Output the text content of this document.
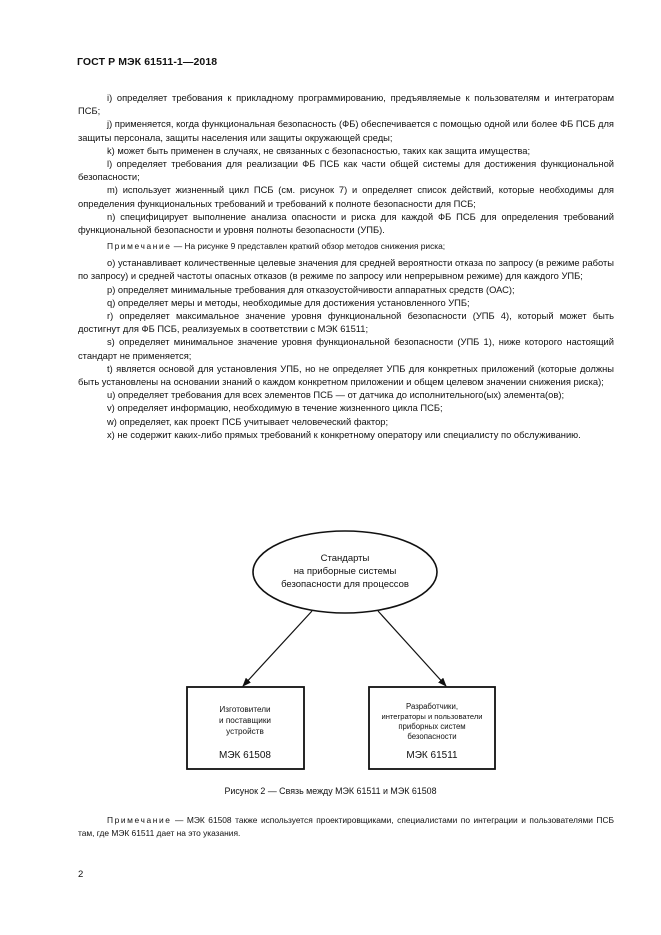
ГОСТ Р МЭК 61511-1—2018

i) определяет требования к прикладному программированию, предъявляемые к пользователям и интеграторам ПСБ;

j) применяется, когда функциональная безопасность (ФБ) обеспечивается с помощью одной или более ФБ ПСБ для защиты персонала, защиты населения или защиты окружающей среды;

k) может быть применен в случаях, не связанных с безопасностью, таких как защита имущества;

l) определяет требования для реализации ФБ ПСБ как части общей системы для достижения функциональной безопасности;

m) использует жизненный цикл ПСБ (см. рисунок 7) и определяет список действий, которые необходимы для определения функциональных требований и требований к полноте безопасности для ПСБ;

n) специфицирует выполнение анализа опасности и риска для каждой ФБ ПСБ для определения требований функциональной безопасности и уровня полноты безопасности (УПБ).

Примечание — На рисунке 9 представлен краткий обзор методов снижения риска;

o) устанавливает количественные целевые значения для средней вероятности отказа по запросу (в режиме работы по запросу) и средней частоты опасных отказов (в режиме по запросу или непрерывном режиме) для каждого УПБ;

p) определяет минимальные требования для отказоустойчивости аппаратных средств (ОАС);

q) определяет меры и методы, необходимые для достижения установленного УПБ;

r) определяет максимальное значение уровня функциональной безопасности (УПБ 4), который может быть достигнут для ФБ ПСБ, реализуемых в соответствии с МЭК 61511;

s) определяет минимальное значение уровня функциональной безопасности (УПБ 1), ниже которого настоящий стандарт не применяется;

t) является основой для установления УПБ, но не определяет УПБ для конкретных приложений (которые должны быть установлены на основании знаний о каждом конкретном приложении и общем целевом значении снижения риска);

u) определяет требования для всех элементов ПСБ — от датчика до исполнительного(ых) элемента(ов);

v) определяет информацию, необходимую в течение жизненного цикла ПСБ;

w) определяет, как проект ПСБ учитывает человеческий фактор;

x) не содержит каких-либо прямых требований к конкретному оператору или специалисту по обслуживанию.

Стандарты
на приборные системы
безопасности для процессов
Изготовители
и поставщики
устройств
МЭК 61508
Разработчики,
интеграторы и пользователи
приборных систем
безопасности
МЭК 61511
Рисунок 2 — Связь между МЭК 61511 и МЭК 61508
Примечание — МЭК 61508 также используется проектировщиками, специалистами по интеграции и пользователями ПСБ там, где МЭК 61511 дает на это указания.
2
